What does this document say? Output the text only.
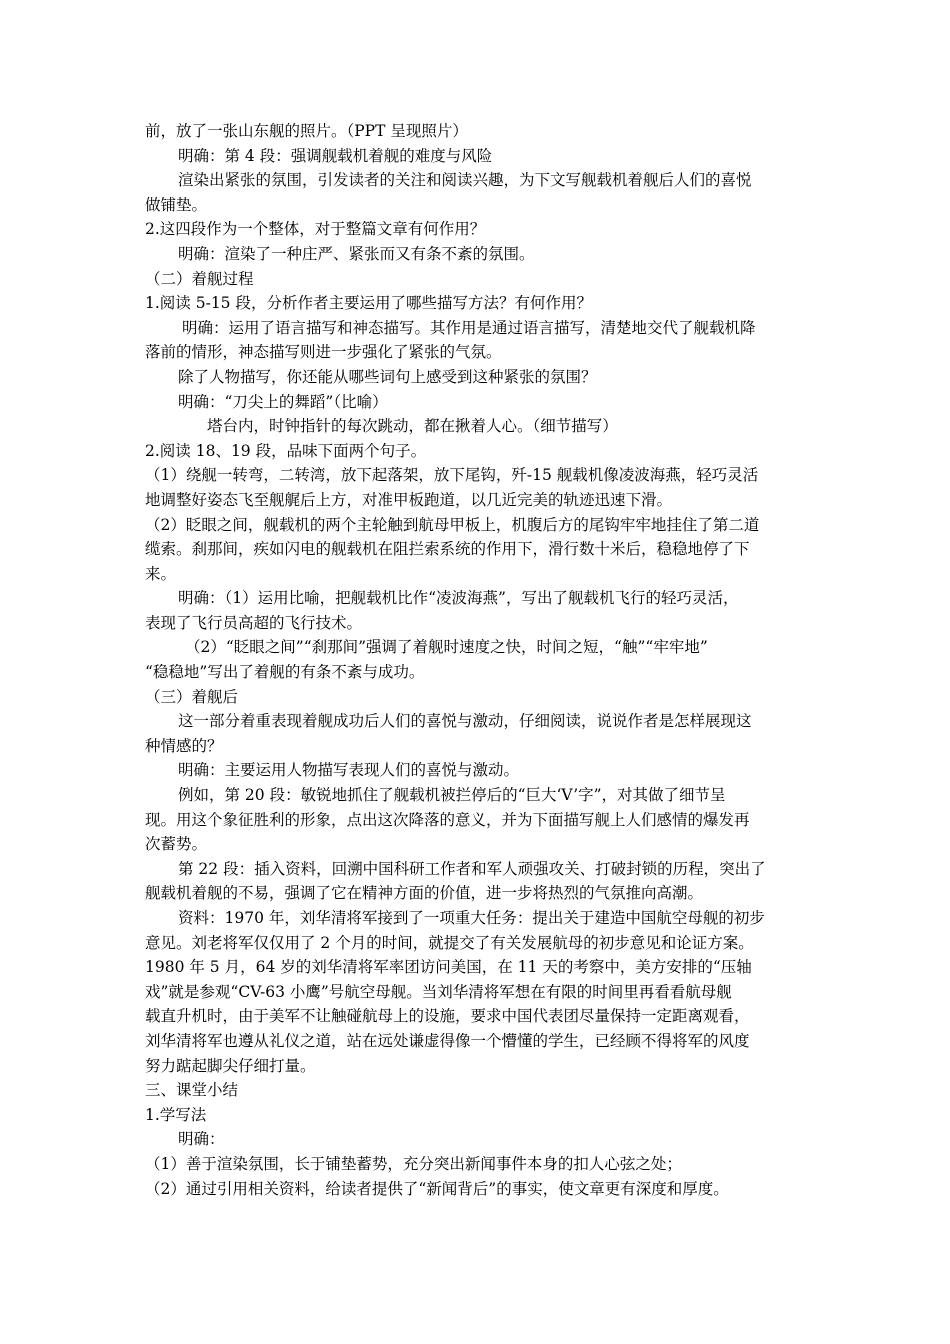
前，放了一张山东舰的照片。（PPT 呈现照片）
明确：第 4 段：强调舰载机着舰的难度与风险
渲染出紧张的氛围，引发读者的关注和阅读兴趣，为下文写舰载机着舰后人们的喜悦
做铺垫。
2.这四段作为一个整体，对于整篇文章有何作用？
明确：渲染了一种庄严、紧张而又有条不紊的氛围。
（二）着舰过程
1.阅读 5-15 段，分析作者主要运用了哪些描写方法？有何作用？
明确：运用了语言描写和神态描写。其作用是通过语言描写，清楚地交代了舰载机降
落前的情形，神态描写则进一步强化了紧张的气氛。
除了人物描写，你还能从哪些词句上感受到这种紧张的氛围？
明确：“刀尖上的舞蹈”（比喻）
塔台内，时钟指针的每次跳动，都在揪着人心。（细节描写）
2.阅读 18、19 段，品味下面两个句子。
（1）绕舰一转弯，二转湾，放下起落架，放下尾钩，歼-15 舰载机像凌波海燕，轻巧灵活
地调整好姿态飞至舰艉后上方，对准甲板跑道，以几近完美的轨迹迅速下滑。
（2）眨眼之间，舰载机的两个主轮触到航母甲板上，机腹后方的尾钩牢牢地挂住了第二道
缆索。刹那间，疾如闪电的舰载机在阻拦索系统的作用下，滑行数十米后，稳稳地停了下
来。
明确：（1）运用比喻，把舰载机比作“凌波海燕”，写出了舰载机飞行的轻巧灵活，
表现了飞行员高超的飞行技术。
（2）“眨眼之间”“刹那间”强调了着舰时速度之快，时间之短，“触”“牢牢地”
“稳稳地”写出了着舰的有条不紊与成功。
（三）着舰后
这一部分着重表现着舰成功后人们的喜悦与激动，仔细阅读，说说作者是怎样展现这
种情感的？
明确：主要运用人物描写表现人们的喜悦与激动。
例如，第 20 段：敏锐地抓住了舰载机被拦停后的“巨大‘V’字”，对其做了细节呈
现。用这个象征胜利的形象，点出这次降落的意义，并为下面描写舰上人们感情的爆发再
次蓄势。
第 22 段：插入资料，回溯中国科研工作者和军人顽强攻关、打破封锁的历程，突出了
舰载机着舰的不易，强调了它在精神方面的价值，进一步将热烈的气氛推向高潮。
资料：1970 年，刘华清将军接到了一项重大任务：提出关于建造中国航空母舰的初步
意见。刘老将军仅仅用了 2 个月的时间，就提交了有关发展航母的初步意见和论证方案。
1980 年 5 月，64 岁的刘华清将军率团访问美国，在 11 天的考察中，美方安排的“压轴
戏”就是参观“CV-63 小鹰”号航空母舰。当刘华清将军想在有限的时间里再看看航母舰
载直升机时，由于美军不让触碰航母上的设施，要求中国代表团尽量保持一定距离观看，
刘华清将军也遵从礼仪之道，站在远处谦虚得像一个懵懂的学生，已经顾不得将军的风度
努力踮起脚尖仔细打量。
三、课堂小结
1.学写法
明确：
（1）善于渲染氛围，长于铺垫蓄势，充分突出新闻事件本身的扣人心弦之处；
（2）通过引用相关资料，给读者提供了“新闻背后”的事实，使文章更有深度和厚度。
